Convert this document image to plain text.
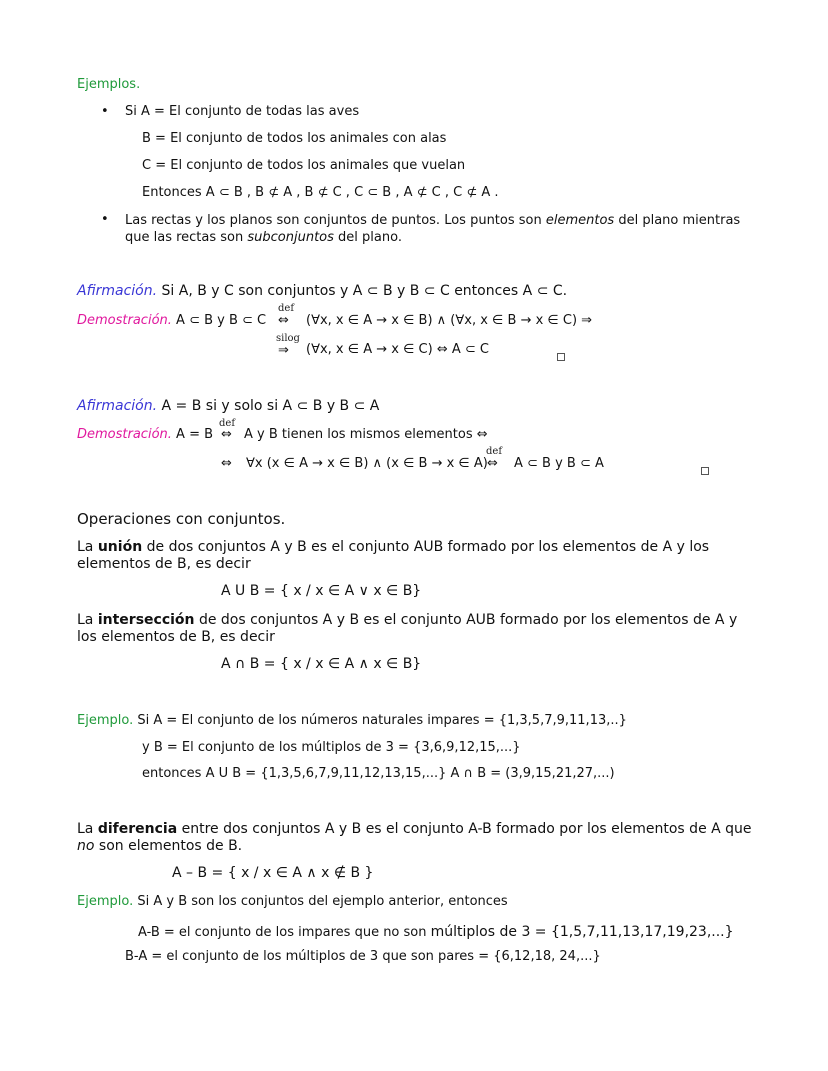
Ejemplos.
• Si A = El conjunto de todas las aves
B = El conjunto de todos los animales con alas
C = El conjunto de todos los animales que vuelan
Entonces A ⊂ B , B ⊄ A , B ⊄ C , C ⊂ B , A ⊄ C , C ⊄ A .
• Las rectas y los planos son conjuntos de puntos. Los puntos son elementos del plano mientras que las rectas son subconjuntos del plano.
Afirmación. Si A, B y C son conjuntos y A ⊂ B y B ⊂ C entonces A ⊂ C.
Demostración. A ⊂ B y B ⊂ C
def
⇔ (∀x, x ∈ A → x ∈ B) ∧ (∀x, x ∈ B → x ∈ C) ⇒
silog
⇒ (∀x, x ∈ A → x ∈ C) ⇔ A ⊂ C
Afirmación. A = B si y solo si A ⊂ B y B ⊂ A
Demostración. A = B
def
⇔ A y B tienen los mismos elementos ⇔
⇔ ∀x (x ∈ A → x ∈ B) ∧ (x ∈ B → x ∈ A)
def
⇔ A ⊂ B y B ⊂ A
Operaciones con conjuntos.
La unión de dos conjuntos A y B es el conjunto AUB formado por los elementos de A y los elementos de B, es decir
A U B = { x / x ∈ A ∨ x ∈ B}
La intersección de dos conjuntos A y B es el conjunto AUB formado por los elementos de A y los elementos de B, es decir
A ∩ B = { x / x ∈ A ∧ x ∈ B}
Ejemplo. Si A = El conjunto de los números naturales impares = {1,3,5,7,9,11,13,..}
y B = El conjunto de los múltiplos de 3 = {3,6,9,12,15,...}
entonces A U B = {1,3,5,6,7,9,11,12,13,15,...} A ∩ B = (3,9,15,21,27,...)
La diferencia entre dos conjuntos A y B es el conjunto A-B formado por los elementos de A que no son elementos de B.
A – B = { x / x ∈ A ∧ x ∉ B }
Ejemplo. Si A y B son los conjuntos del ejemplo anterior, entonces
A-B = el conjunto de los impares que no son múltiplos de 3 = {1,5,7,11,13,17,19,23,...}
B-A = el conjunto de los múltiplos de 3 que son pares = {6,12,18, 24,...}
